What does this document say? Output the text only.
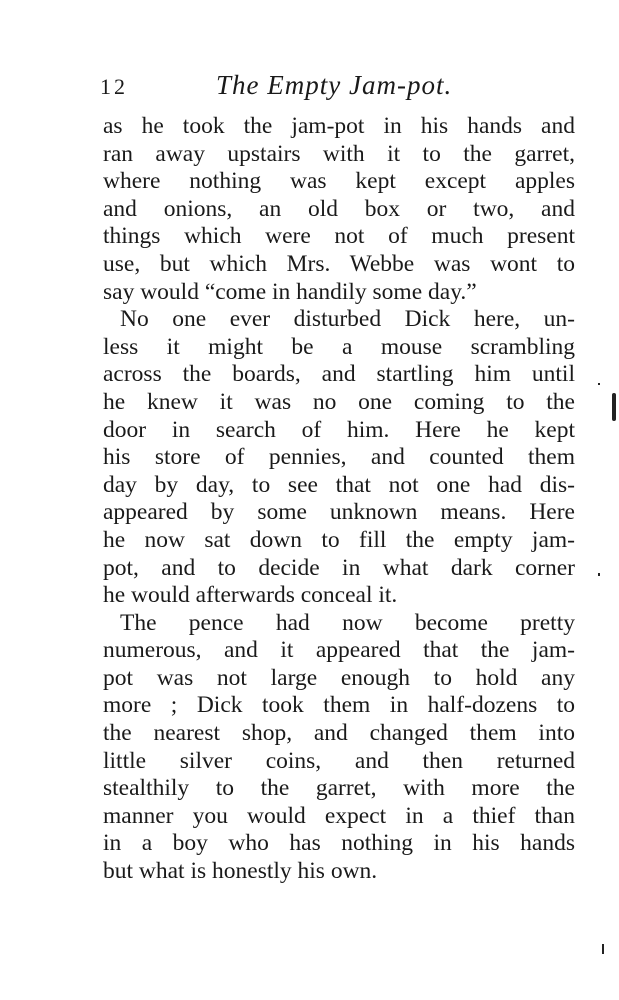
12	The Empty Jam-pot.
as he took the jam-pot in his hands and
ran away upstairs with it to the garret,
where nothing was kept except apples
and onions, an old box or two, and
things which were not of much present
use, but which Mrs. Webbe was wont to
say would “come in handily some day.”
No one ever disturbed Dick here, un-
less it might be a mouse scrambling
across the boards, and startling him until
he knew it was no one coming to the
door in search of him. Here he kept
his store of pennies, and counted them
day by day, to see that not one had dis-
appeared by some unknown means. Here
he now sat down to fill the empty jam-
pot, and to decide in what dark corner
he would afterwards conceal it.
The pence had now become pretty
numerous, and it appeared that the jam-
pot was not large enough to hold any
more ; Dick took them in half-dozens to
the nearest shop, and changed them into
little silver coins, and then returned
stealthily to the garret, with more the
manner you would expect in a thief than
in a boy who has nothing in his hands
but what is honestly his own.
